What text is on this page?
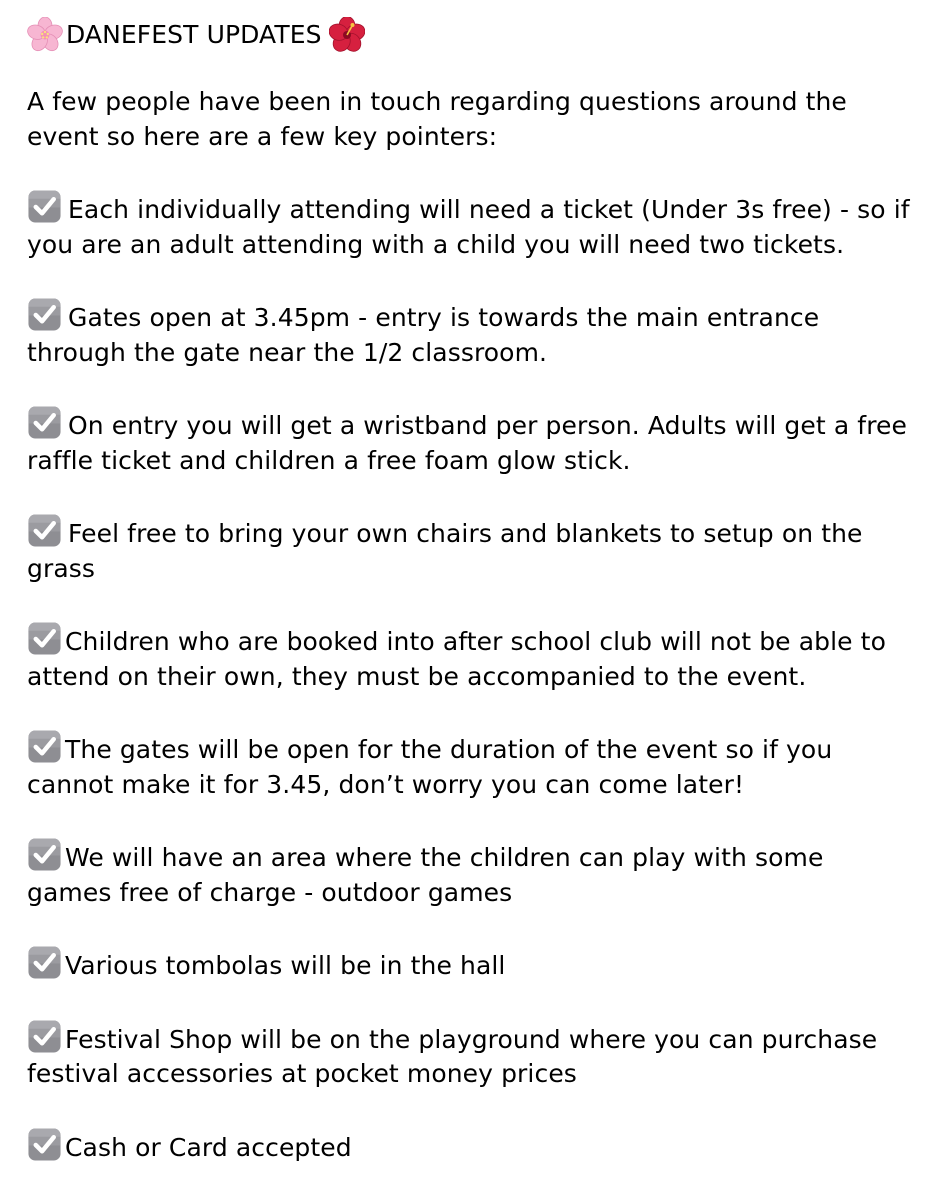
DANEFEST UPDATES

A few people have been in touch regarding questions around the event so here are a few key pointers:

Each individually attending will need a ticket (Under 3s free) - so if you are an adult attending with a child you will need two tickets.

Gates open at 3.45pm - entry is towards the main entrance through the gate near the 1/2 classroom.

On entry you will get a wristband per person. Adults will get a free raffle ticket and children a free foam glow stick.

Feel free to bring your own chairs and blankets to setup on the grass

Children who are booked into after school club will not be able to attend on their own, they must be accompanied to the event.

The gates will be open for the duration of the event so if you cannot make it for 3.45, don’t worry you can come later!

We will have an area where the children can play with some games free of charge - outdoor games

Various tombolas will be in the hall

Festival Shop will be on the playground where you can purchase festival accessories at pocket money prices

Cash or Card accepted
